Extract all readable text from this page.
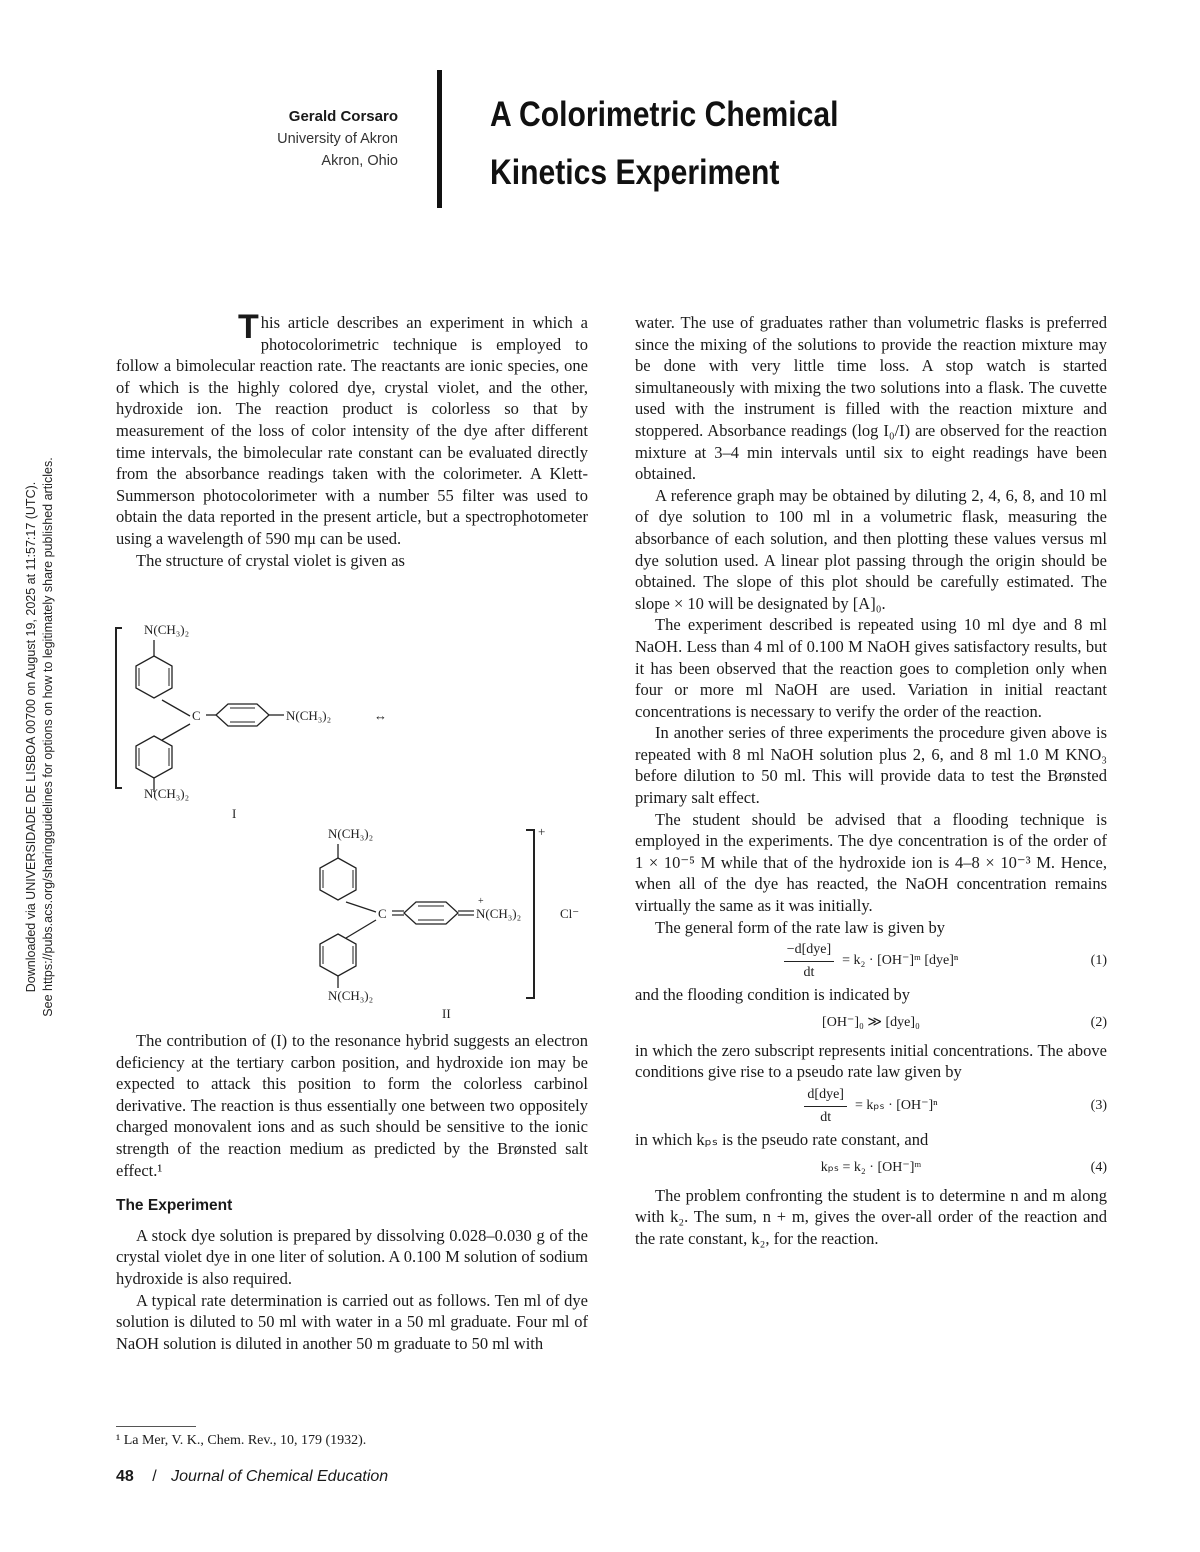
Downloaded via UNIVERSIDADE DE LISBOA 00700 on August 19, 2025 at 11:57:17 (UTC). See https://pubs.acs.org/sharingguidelines for options on how to legitimately share published articles.
Gerald Corsaro
University of Akron
Akron, Ohio
A Colorimetric Chemical
Kinetics Experiment

This article describes an experiment in which a photocolorimetric technique is employed to follow a bimolecular reaction rate. The reactants are ionic species, one of which is the highly colored dye, crystal violet, and the other, hydroxide ion. The reaction product is colorless so that by measurement of the loss of color intensity of the dye after different time intervals, the bimolecular rate constant can be evaluated directly from the absorbance readings taken with the colorimeter. A Klett-Summerson photocolorimeter with a number 55 filter was used to obtain the data reported in the present article, but a spectrophotometer using a wavelength of 590 mμ can be used.

The structure of crystal violet is given as

N(CH₃)₂
C	N(CH₃)₂	↔
N(CH₃)₂
I
N(CH₃)₂
C
+
N(CH₃)₂
N(CH₃)₂
+
Cl⁻
II

The contribution of (I) to the resonance hybrid suggests an electron deficiency at the tertiary carbon position, and hydroxide ion may be expected to attack this position to form the colorless carbinol derivative. The reaction is thus essentially one between two oppositely charged monovalent ions and as such should be sensitive to the ionic strength of the reaction medium as predicted by the Brønsted salt effect.¹

The Experiment

A stock dye solution is prepared by dissolving 0.028–0.030 g of the crystal violet dye in one liter of solution. A 0.100 M solution of sodium hydroxide is also required.

A typical rate determination is carried out as follows. Ten ml of dye solution is diluted to 50 ml with water in a 50 ml graduate. Four ml of NaOH solution is diluted in another 50 m graduate to 50 ml with

¹ La Mer, V. K., Chem. Rev., 10, 179 (1932).

water. The use of graduates rather than volumetric flasks is preferred since the mixing of the solutions to provide the reaction mixture may be done with very little time loss. A stop watch is started simultaneously with mixing the two solutions into a flask. The cuvette used with the instrument is filled with the reaction mixture and stoppered. Absorbance readings (log I₀/I) are observed for the reaction mixture at 3–4 min intervals until six to eight readings have been obtained.

A reference graph may be obtained by diluting 2, 4, 6, 8, and 10 ml of dye solution to 100 ml in a volumetric flask, measuring the absorbance of each solution, and then plotting these values versus ml dye solution used. A linear plot passing through the origin should be obtained. The slope of this plot should be carefully estimated. The slope × 10 will be designated by [A]₀.

The experiment described is repeated using 10 ml dye and 8 ml NaOH. Less than 4 ml of 0.100 M NaOH gives satisfactory results, but it has been observed that the reaction goes to completion only when four or more ml NaOH are used. Variation in initial reactant concentrations is necessary to verify the order of the reaction.

In another series of three experiments the procedure given above is repeated with 8 ml NaOH solution plus 2, 6, and 8 ml 1.0 M KNO₃ before dilution to 50 ml. This will provide data to test the Brønsted primary salt effect.

The student should be advised that a flooding technique is employed in the experiments. The dye concentration is of the order of 1 × 10⁻⁵ M while that of the hydroxide ion is 4–8 × 10⁻³ M. Hence, when all of the dye has reacted, the NaOH concentration remains virtually the same as it was initially.

The general form of the rate law is given by

$\frac{\text{−d[dye]}}{dt} = k_2$ · [OH⁻]ᵐ [dye]ⁿ	(1)

and the flooding condition is indicated by

[OH⁻]₀ ≫ [dye]₀	(2)

in which the zero subscript represents initial concentrations. The above conditions give rise to a pseudo rate law given by

$\frac{\text{d[dye]}}{dt} = k_{ps} \cdot [OH^-]^n$	(3)

in which kₚₛ is the pseudo rate constant, and

kₚₛ = k₂ · [OH⁻]ᵐ	(4)

The problem confronting the student is to determine n and m along with k₂. The sum, n + m, gives the over-all order of the reaction and the rate constant, k₂, for the reaction.

48 / Journal of Chemical Education
